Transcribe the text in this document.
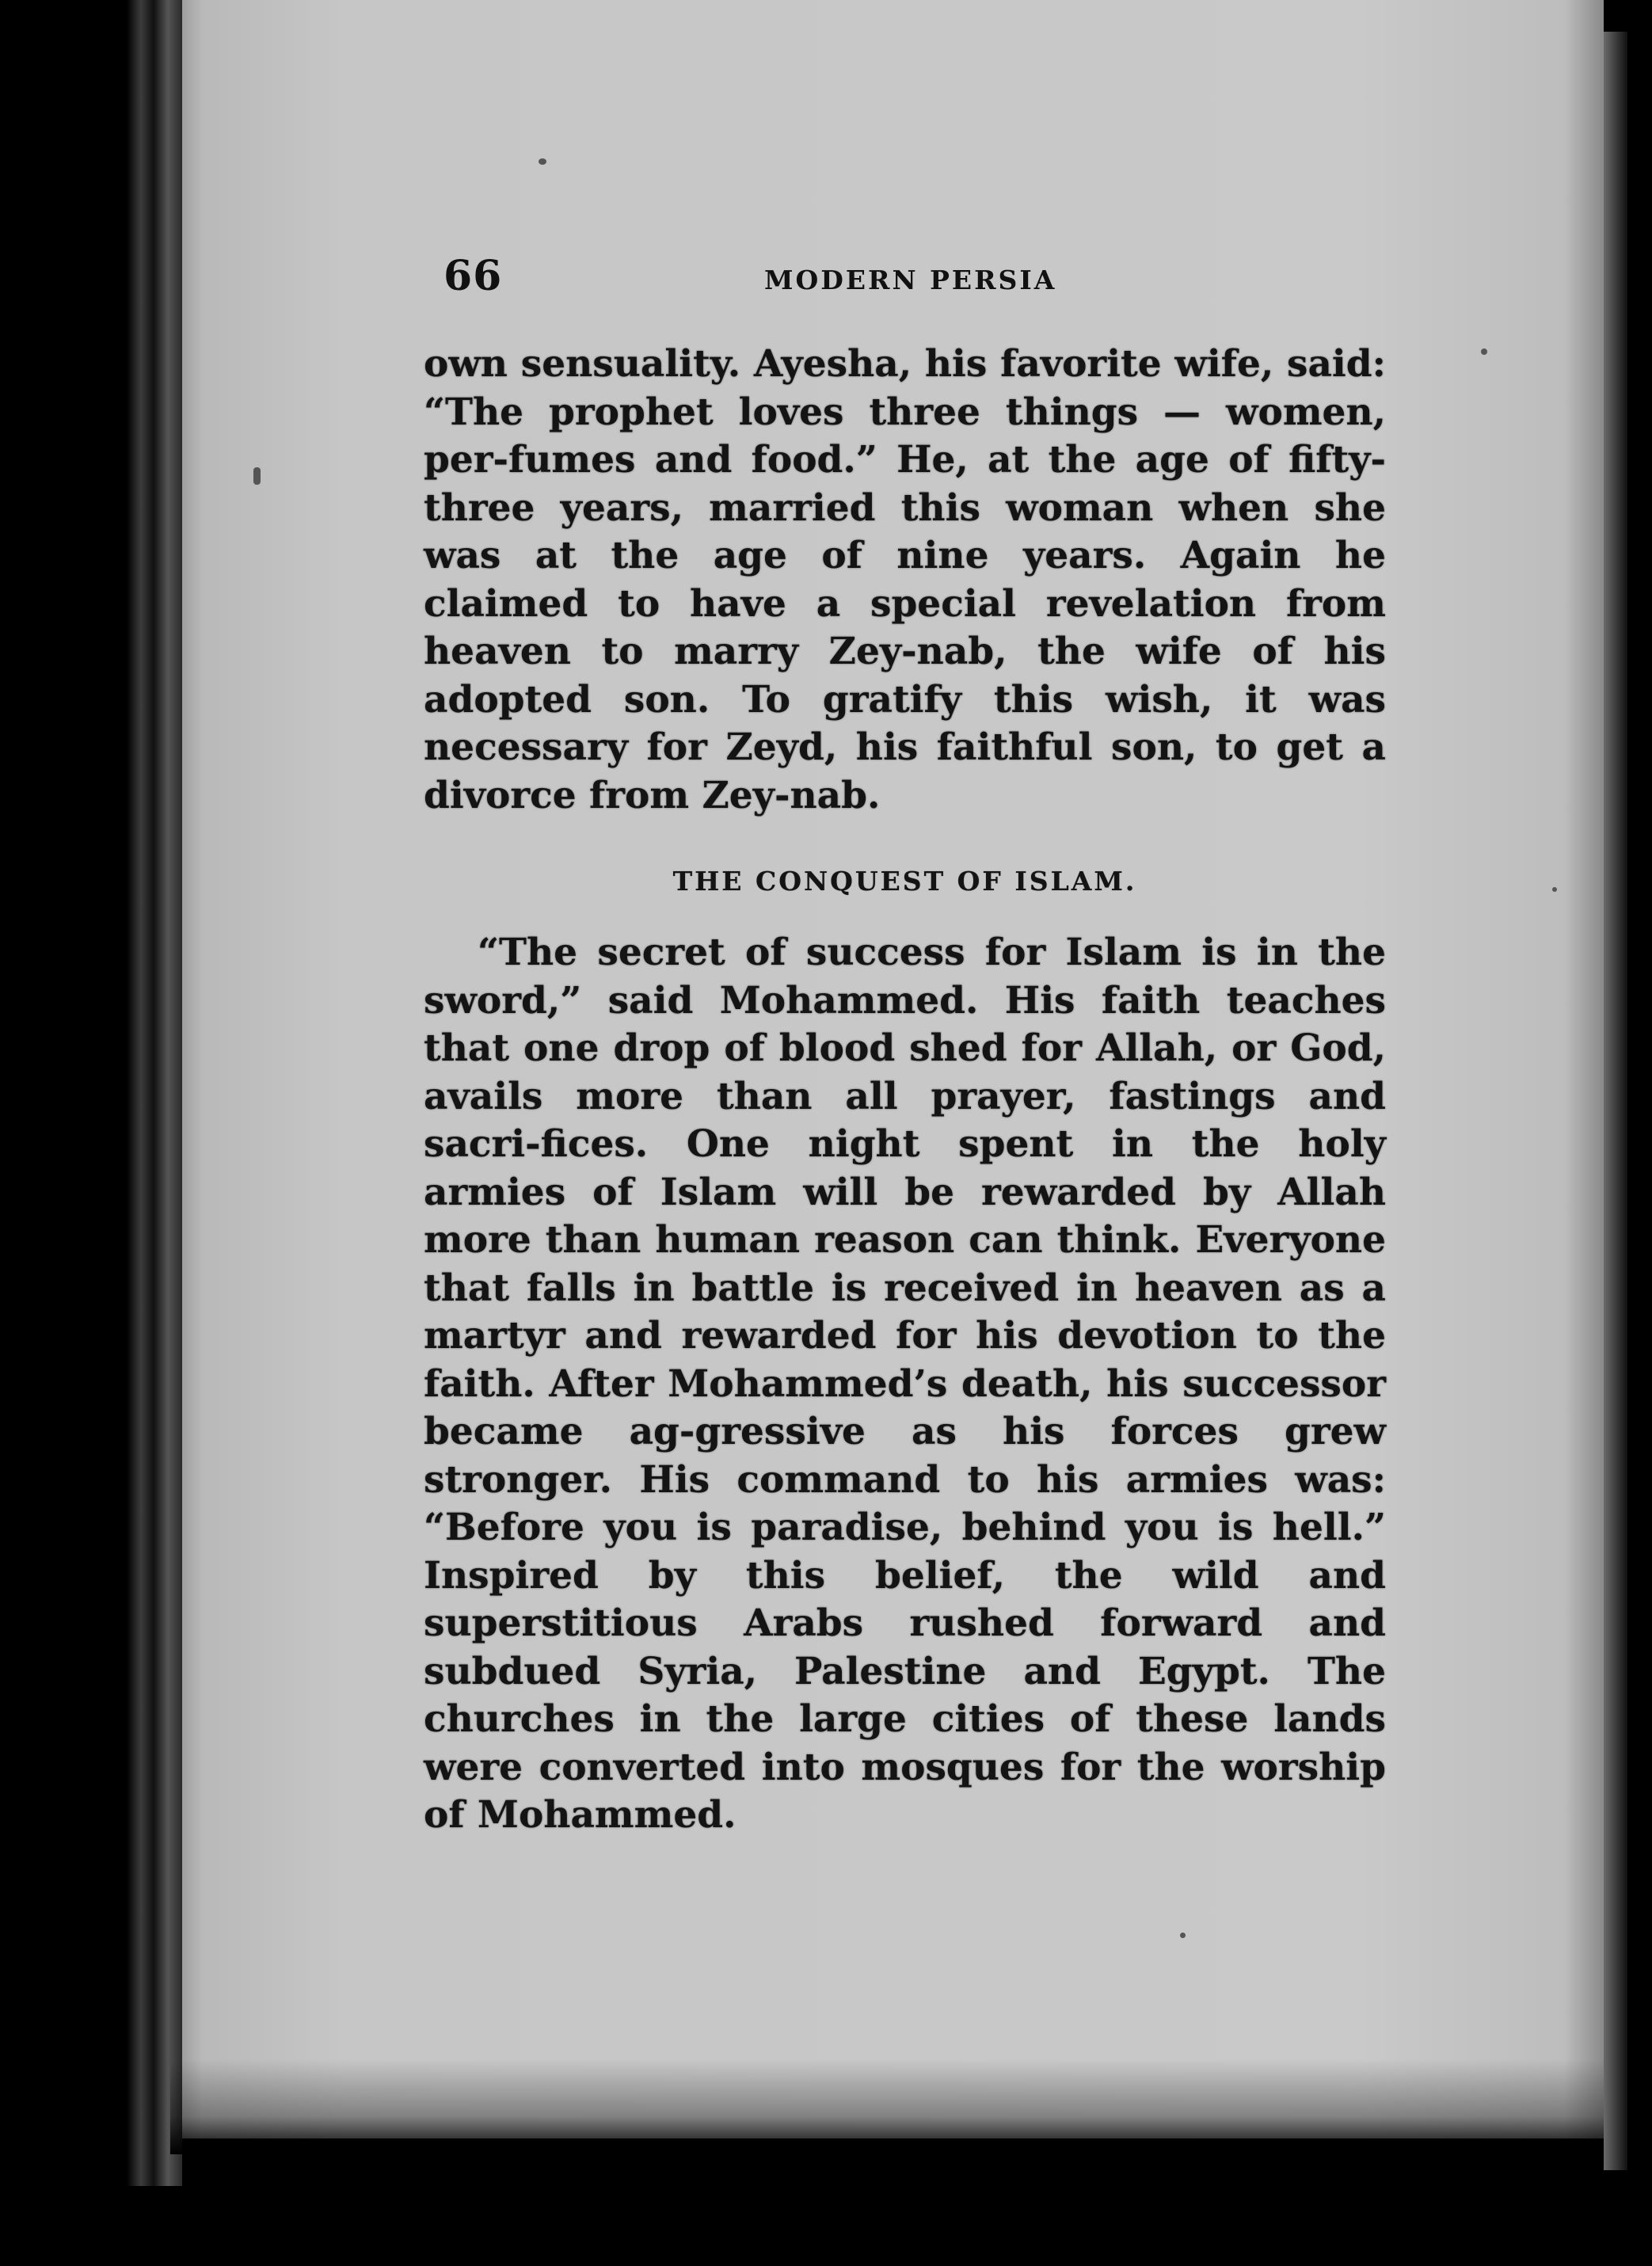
66	MODERN PERSIA

own sensuality. Ayesha, his favorite wife, said: “The prophet loves three things — women, per-fumes and food.” He, at the age of fifty-three years, married this woman when she was at the age of nine years. Again he claimed to have a special revelation from heaven to marry Zey-nab, the wife of his adopted son. To gratify this wish, it was necessary for Zeyd, his faithful son, to get a divorce from Zey-nab.

THE CONQUEST OF ISLAM.

“The secret of success for Islam is in the sword,” said Mohammed. His faith teaches that one drop of blood shed for Allah, or God, avails more than all prayer, fastings and sacri-fices. One night spent in the holy armies of Islam will be rewarded by Allah more than human reason can think. Everyone that falls in battle is received in heaven as a martyr and rewarded for his devotion to the faith. After Mohammed’s death, his successor became ag-gressive as his forces grew stronger. His command to his armies was: “Before you is paradise, behind you is hell.” Inspired by this belief, the wild and superstitious Arabs rushed forward and subdued Syria, Palestine and Egypt. The churches in the large cities of these lands were converted into mosques for the worship of Mohammed.
